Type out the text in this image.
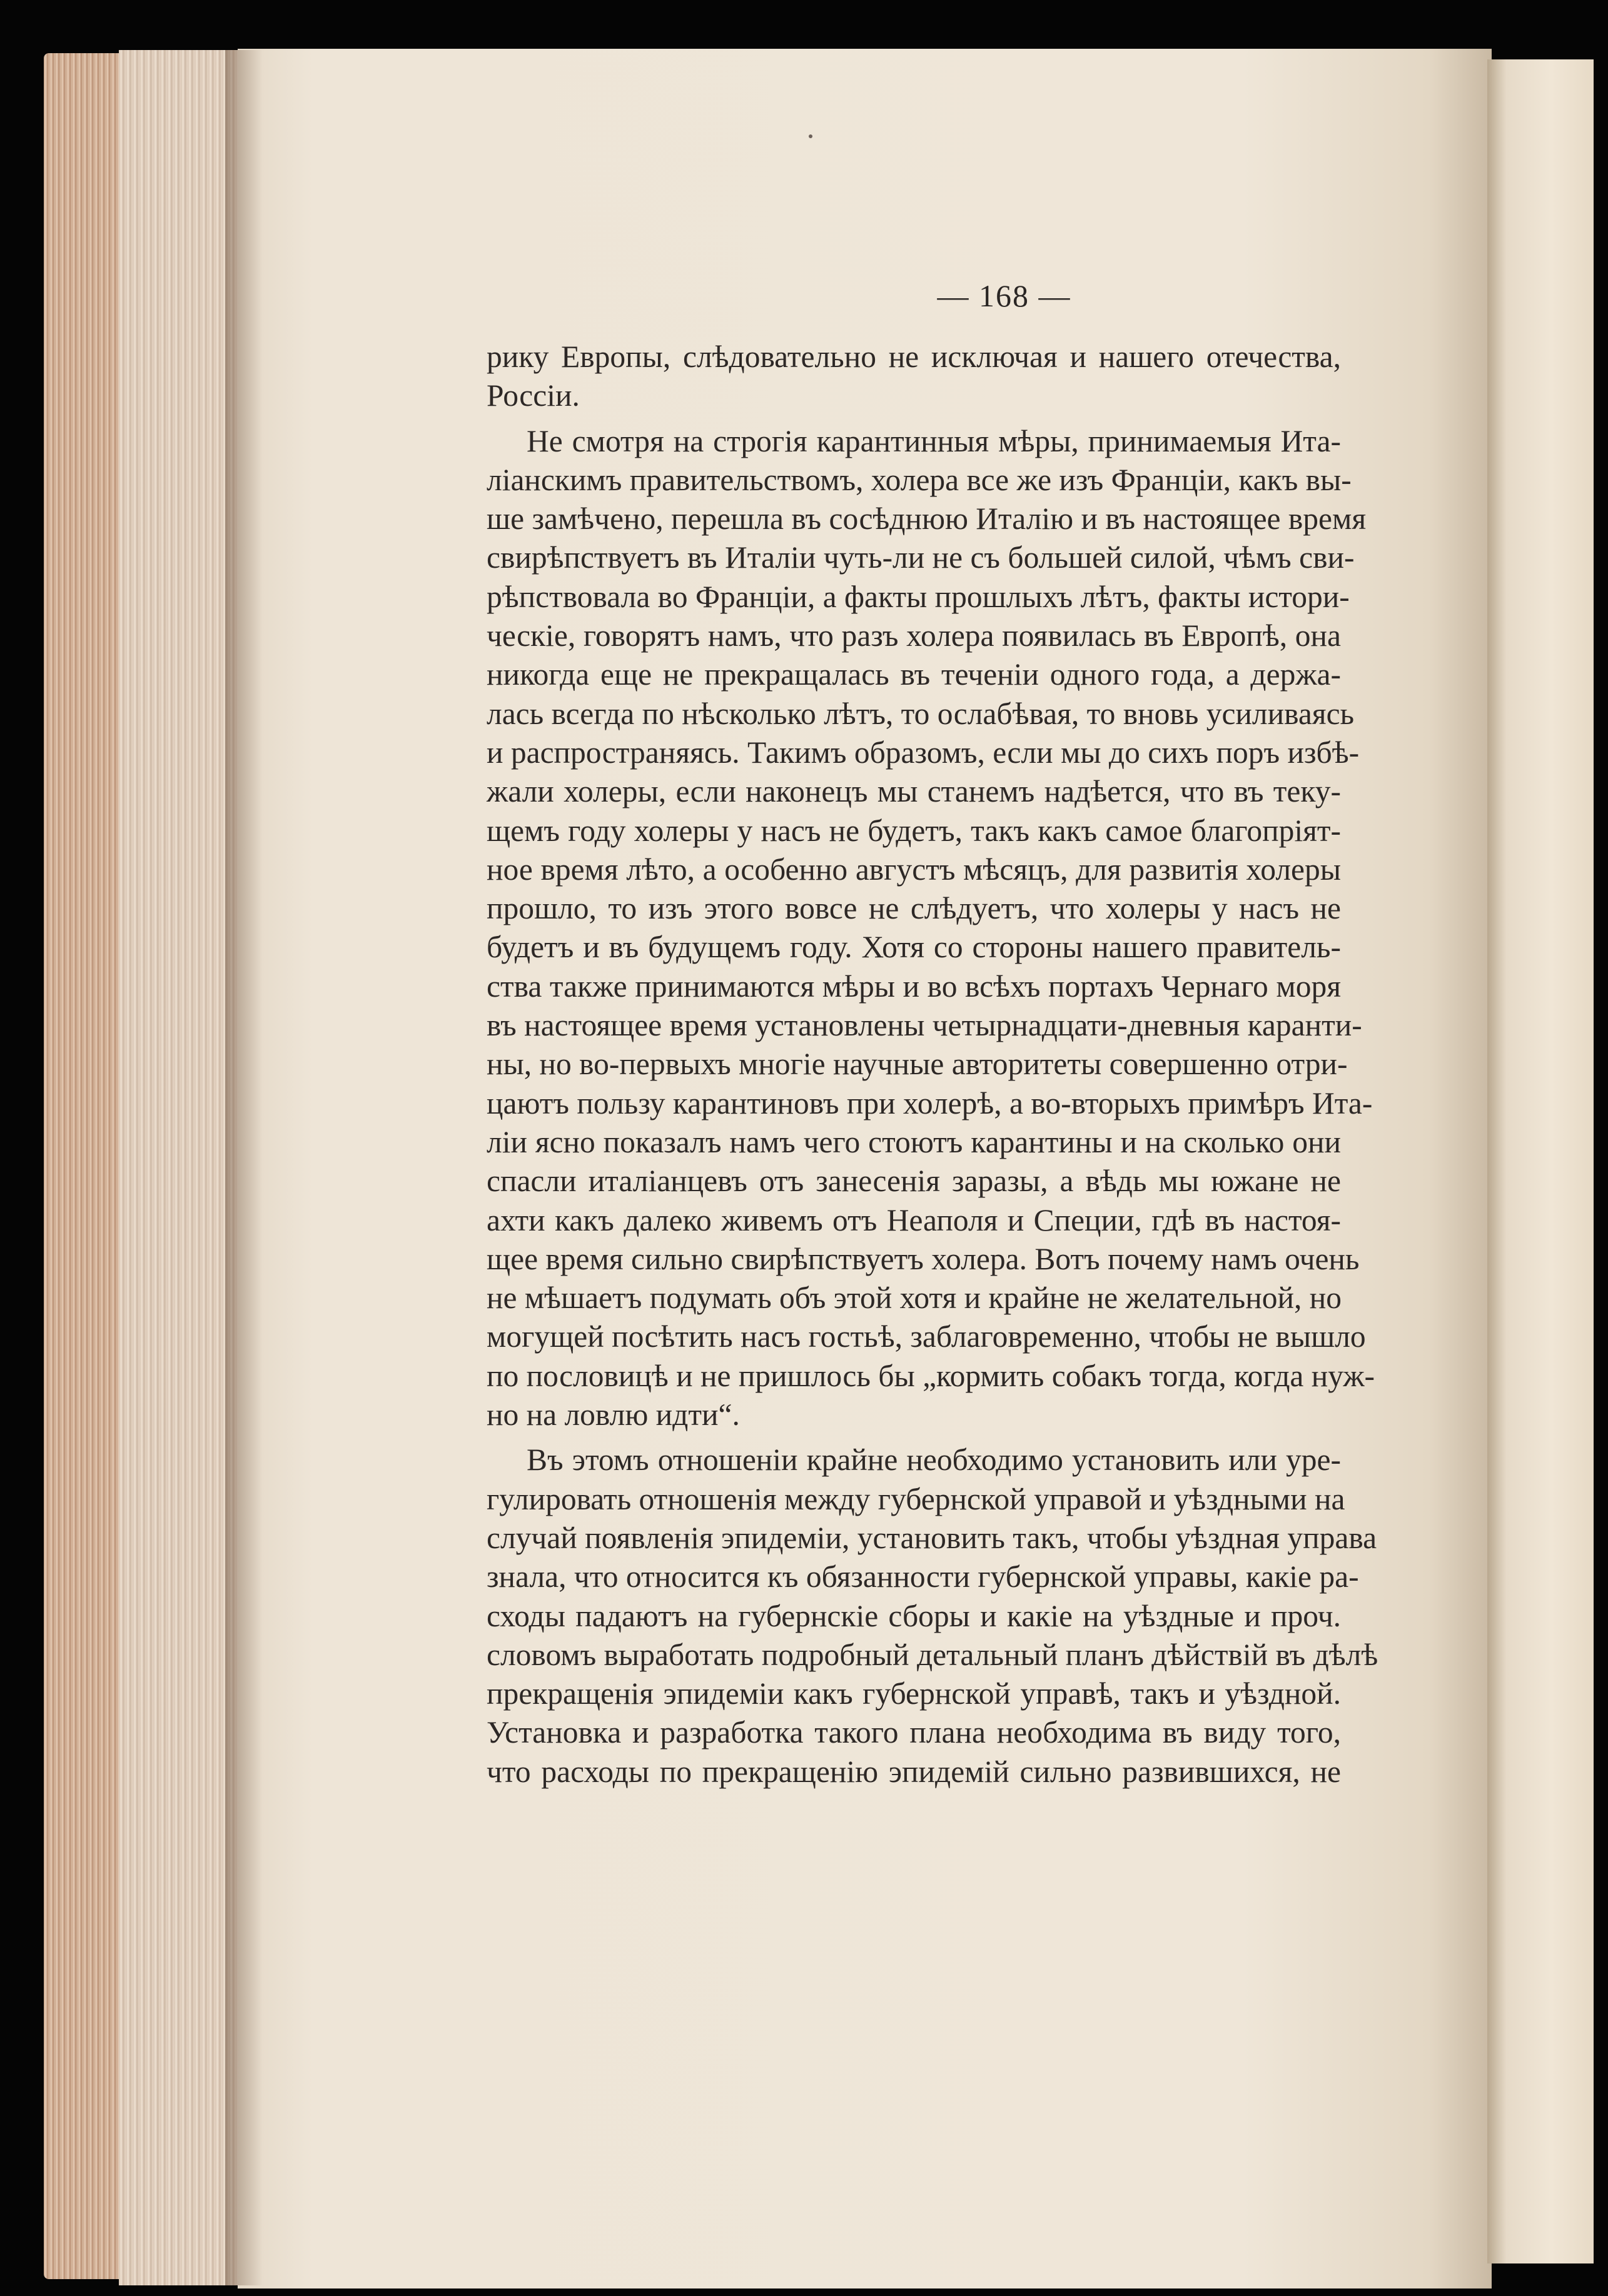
— 168 —
рику Европы, слѣдовательно не исключая и нашего отечества,
Россіи.
Не смотря на строгія карантинныя мѣры, принимаемыя Ита-
ліанскимъ правительствомъ, холера все же изъ Франціи, какъ вы-
ше замѣчено, перешла въ сосѣднюю Италію и въ настоящее время
свирѣпствуетъ въ Италіи чуть-ли не съ большей силой, чѣмъ сви-
рѣпствовала во Франціи, а факты прошлыхъ лѣтъ, факты истори-
ческіе, говорятъ намъ, что разъ холера появилась въ Европѣ, она
никогда еще не прекращалась въ теченіи одного года, а держа-
лась всегда по нѣсколько лѣтъ, то ослабѣвая, то вновь усиливаясь
и распространяясь. Такимъ образомъ, если мы до сихъ поръ избѣ-
жали холеры, если наконецъ мы станемъ надѣется, что въ теку-
щемъ году холеры у насъ не будетъ, такъ какъ самое благопріят-
ное время лѣто, а особенно августъ мѣсяцъ, для развитія холеры
прошло, то изъ этого вовсе не слѣдуетъ, что холеры у насъ не
будетъ и въ будущемъ году. Хотя со стороны нашего правитель-
ства также принимаются мѣры и во всѣхъ портахъ Чернаго моря
въ настоящее время установлены четырнадцати-дневныя каранти-
ны, но во-первыхъ многіе научные авторитеты совершенно отри-
цаютъ пользу карантиновъ при холерѣ, а во-вторыхъ примѣръ Ита-
ліи ясно показалъ намъ чего стоютъ карантины и на сколько они
спасли италіанцевъ отъ занесенія заразы, а вѣдь мы южане не
ахти какъ далеко живемъ отъ Неаполя и Специи, гдѣ въ настоя-
щее время сильно свирѣпствуетъ холера. Вотъ почему намъ очень
не мѣшаетъ подумать объ этой хотя и крайне не желательной, но
могущей посѣтить насъ гостьѣ, заблаговременно, чтобы не вышло
по пословицѣ и не пришлось бы „кормить собакъ тогда, когда нуж-
но на ловлю идти“.
Въ этомъ отношеніи крайне необходимо установить или уре-
гулировать отношенія между губернской управой и уѣздными на
случай появленія эпидеміи, установить такъ, чтобы уѣздная управа
знала, что относится къ обязанности губернской управы, какіе ра-
сходы падаютъ на губернскіе сборы и какіе на уѣздные и проч.
словомъ выработать подробный детальный планъ дѣйствій въ дѣлѣ
прекращенія эпидеміи какъ губернской управѣ, такъ и уѣздной.
Установка и разработка такого плана необходима въ виду того,
что расходы по прекращенію эпидемій сильно развившихся, не
